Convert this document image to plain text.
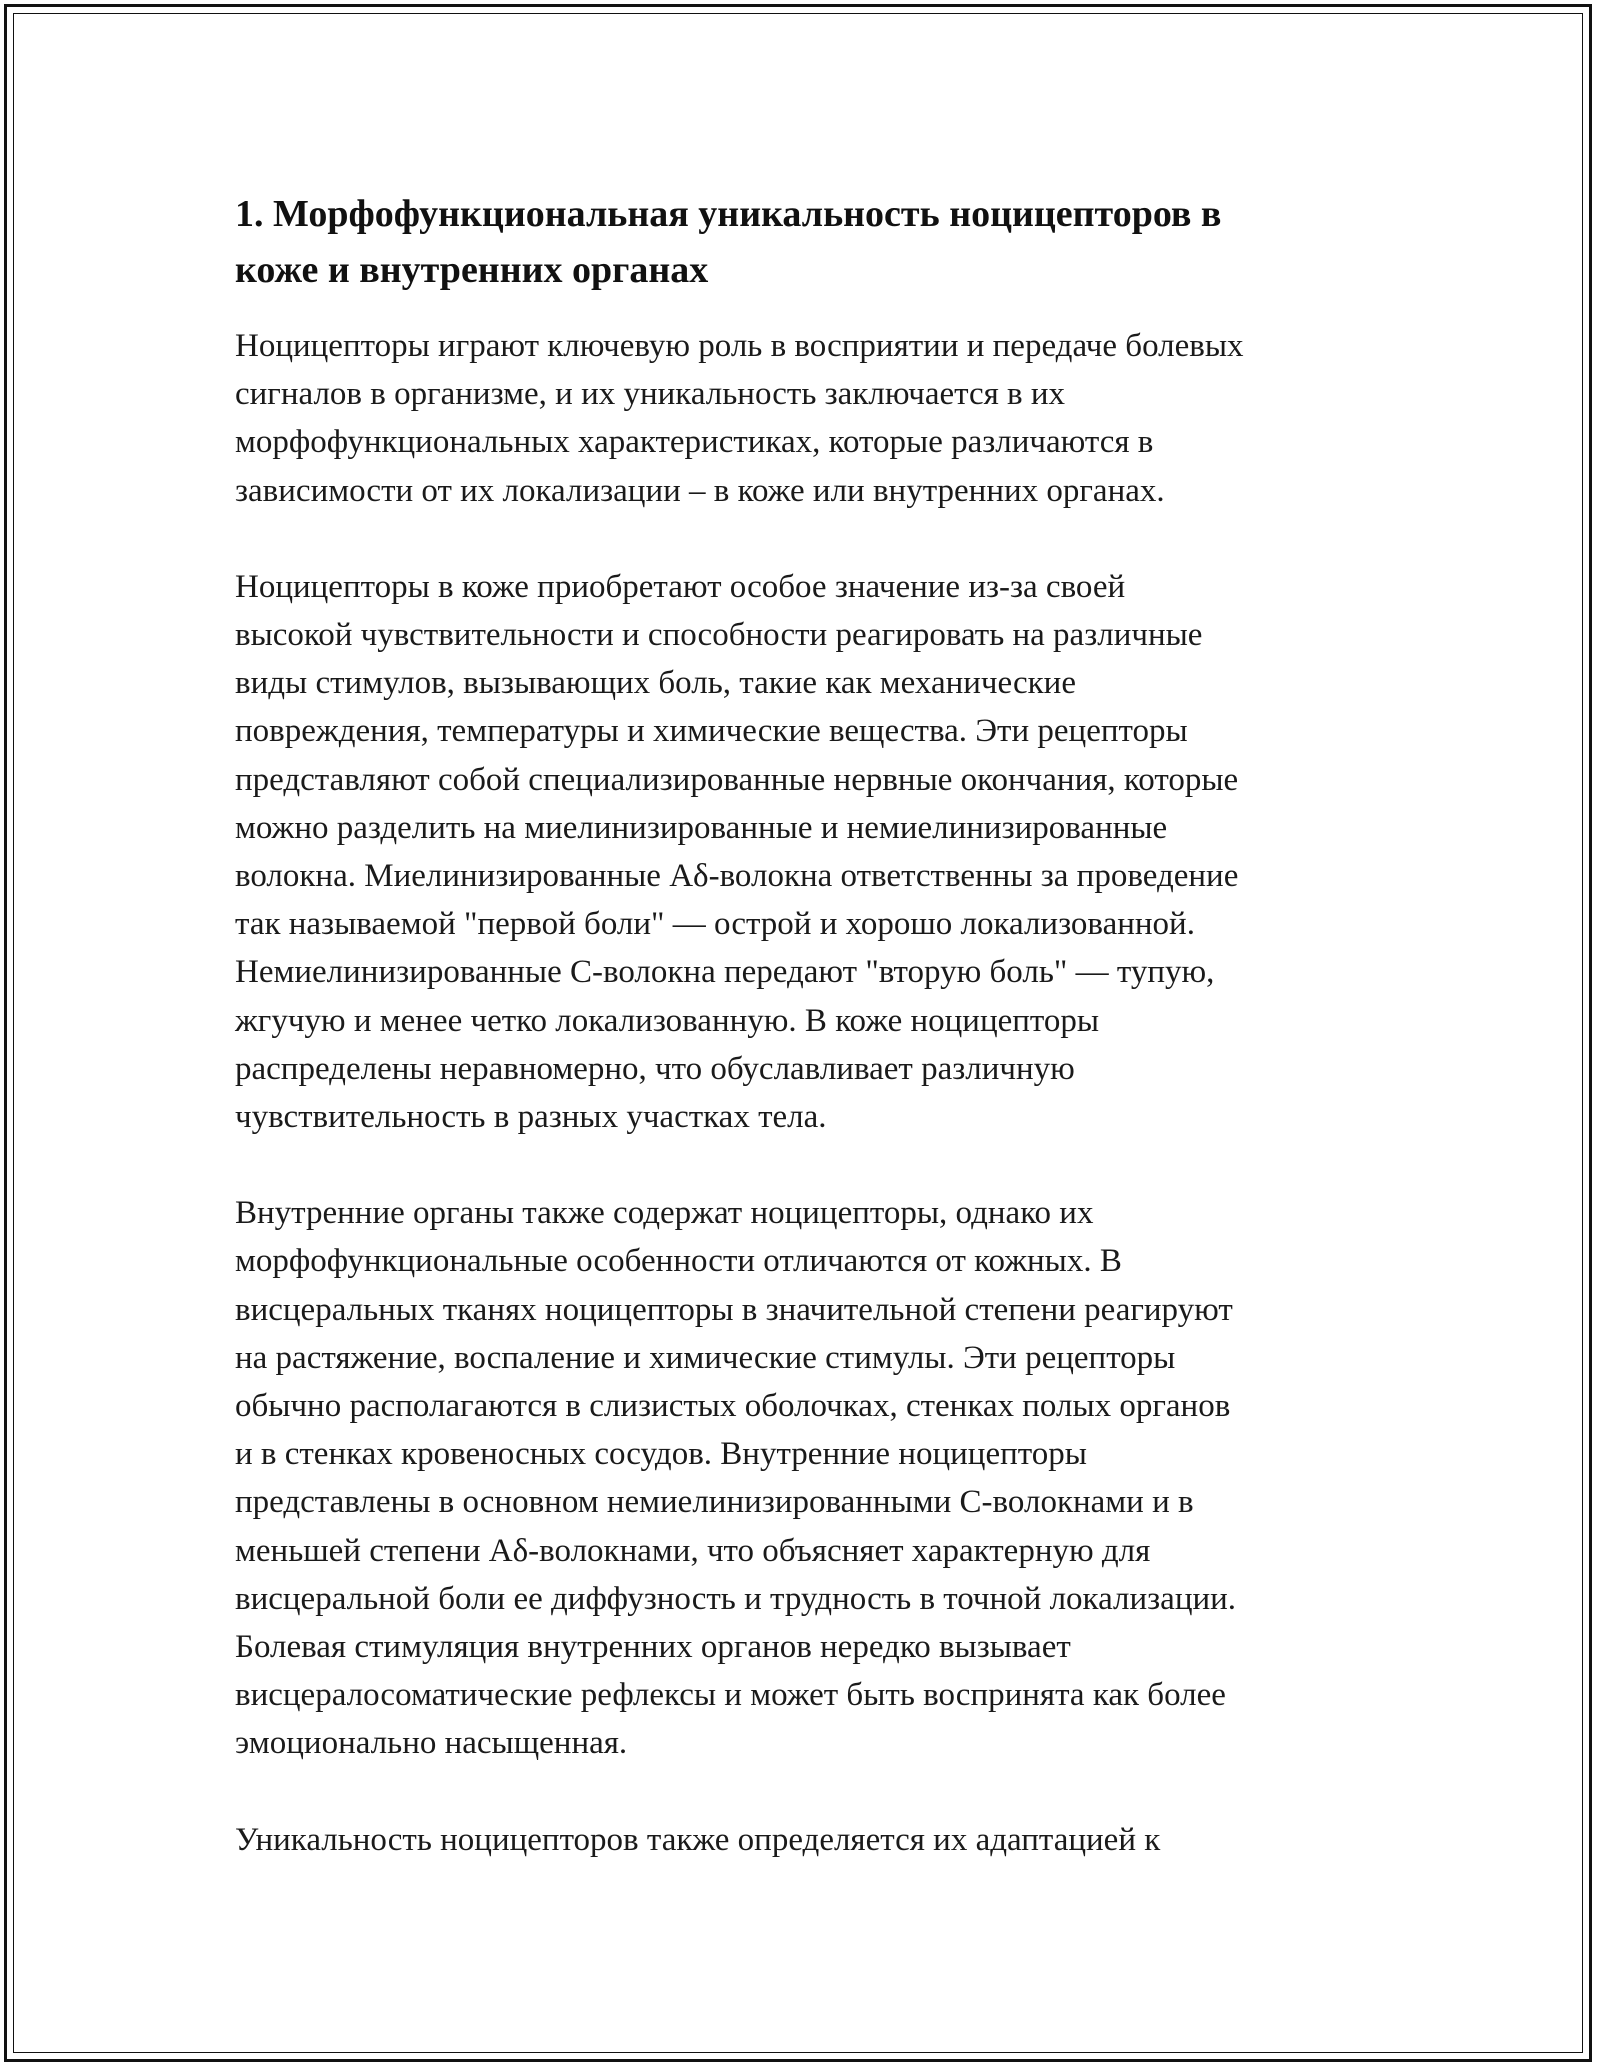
1. Морфофункциональная уникальность ноцицепторов в
коже и внутренних органах

Ноцицепторы играют ключевую роль в восприятии и передаче болевых
сигналов в организме, и их уникальность заключается в их
морфофункциональных характеристиках, которые различаются в
зависимости от их локализации – в коже или внутренних органах.

Ноцицепторы в коже приобретают особое значение из-за своей
высокой чувствительности и способности реагировать на различные
виды стимулов, вызывающих боль, такие как механические
повреждения, температуры и химические вещества. Эти рецепторы
представляют собой специализированные нервные окончания, которые
можно разделить на миелинизированные и немиелинизированные
волокна. Миелинизированные Aδ-волокна ответственны за проведение
так называемой "первой боли" — острой и хорошо локализованной.
Немиелинизированные C-волокна передают "вторую боль" — тупую,
жгучую и менее четко локализованную. В коже ноцицепторы
распределены неравномерно, что обуславливает различную
чувствительность в разных участках тела.

Внутренние органы также содержат ноцицепторы, однако их
морфофункциональные особенности отличаются от кожных. В
висцеральных тканях ноцицепторы в значительной степени реагируют
на растяжение, воспаление и химические стимулы. Эти рецепторы
обычно располагаются в слизистых оболочках, стенках полых органов
и в стенках кровеносных сосудов. Внутренние ноцицепторы
представлены в основном немиелинизированными C-волокнами и в
меньшей степени Aδ-волокнами, что объясняет характерную для
висцеральной боли ее диффузность и трудность в точной локализации.
Болевая стимуляция внутренних органов нередко вызывает
висцералосоматические рефлексы и может быть воспринята как более
эмоционально насыщенная.

Уникальность ноцицепторов также определяется их адаптацией к
